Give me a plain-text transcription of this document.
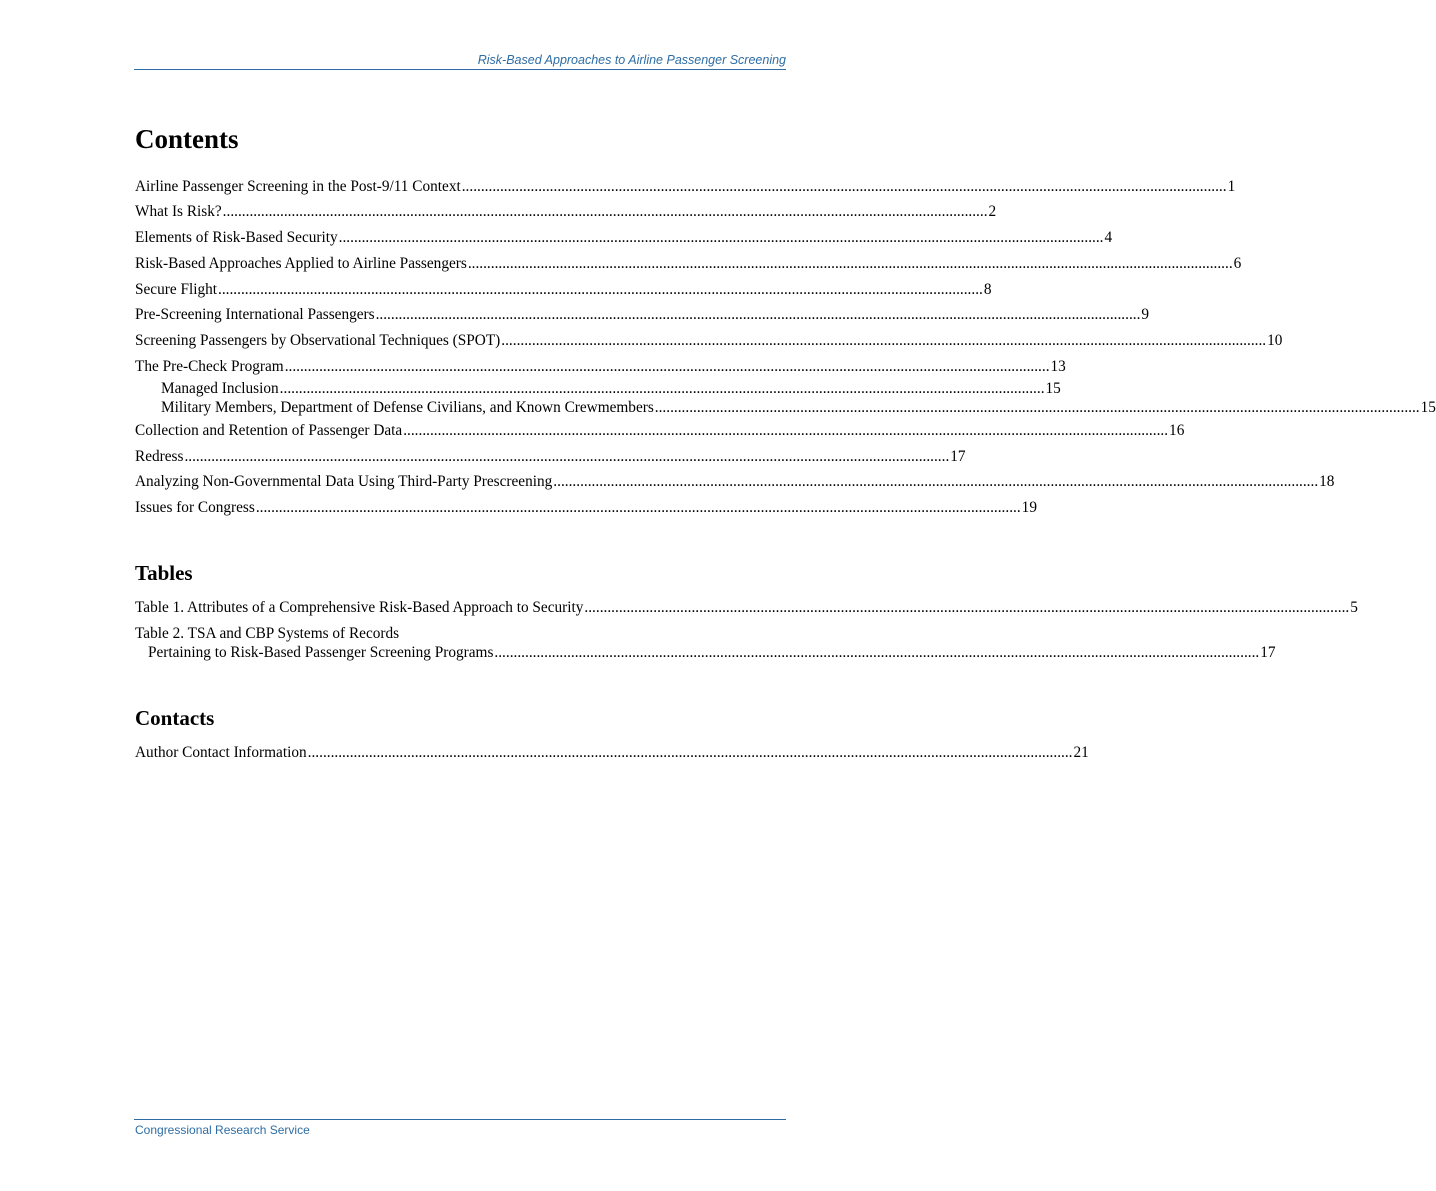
Risk-Based Approaches to Airline Passenger Screening
Contents
Airline Passenger Screening in the Post-9/11 Context ........................................................................................................................................................................................................ 1
What Is Risk? ........................................................................................................................................................................................................ 2
Elements of Risk-Based Security ........................................................................................................................................................................................................ 4
Risk-Based Approaches Applied to Airline Passengers ........................................................................................................................................................................................................ 6
Secure Flight ........................................................................................................................................................................................................ 8
Pre-Screening International Passengers ........................................................................................................................................................................................................ 9
Screening Passengers by Observational Techniques (SPOT) ........................................................................................................................................................................................................ 10
The Pre-Check Program ........................................................................................................................................................................................................ 13
Managed Inclusion ........................................................................................................................................................................................................ 15
Military Members, Department of Defense Civilians, and Known Crewmembers ........................................................................................................................................................................................................ 15
Collection and Retention of Passenger Data ........................................................................................................................................................................................................ 16
Redress ........................................................................................................................................................................................................ 17
Analyzing Non-Governmental Data Using Third-Party Prescreening ........................................................................................................................................................................................................ 18
Issues for Congress ........................................................................................................................................................................................................ 19
Tables
Table 1. Attributes of a Comprehensive Risk-Based Approach to Security ........................................................................................................................................................................................................ 5
Table 2. TSA and CBP Systems of Records
Pertaining to Risk-Based Passenger Screening Programs ........................................................................................................................................................................................................ 17
Contacts
Author Contact Information ........................................................................................................................................................................................................ 21
Congressional Research Service
